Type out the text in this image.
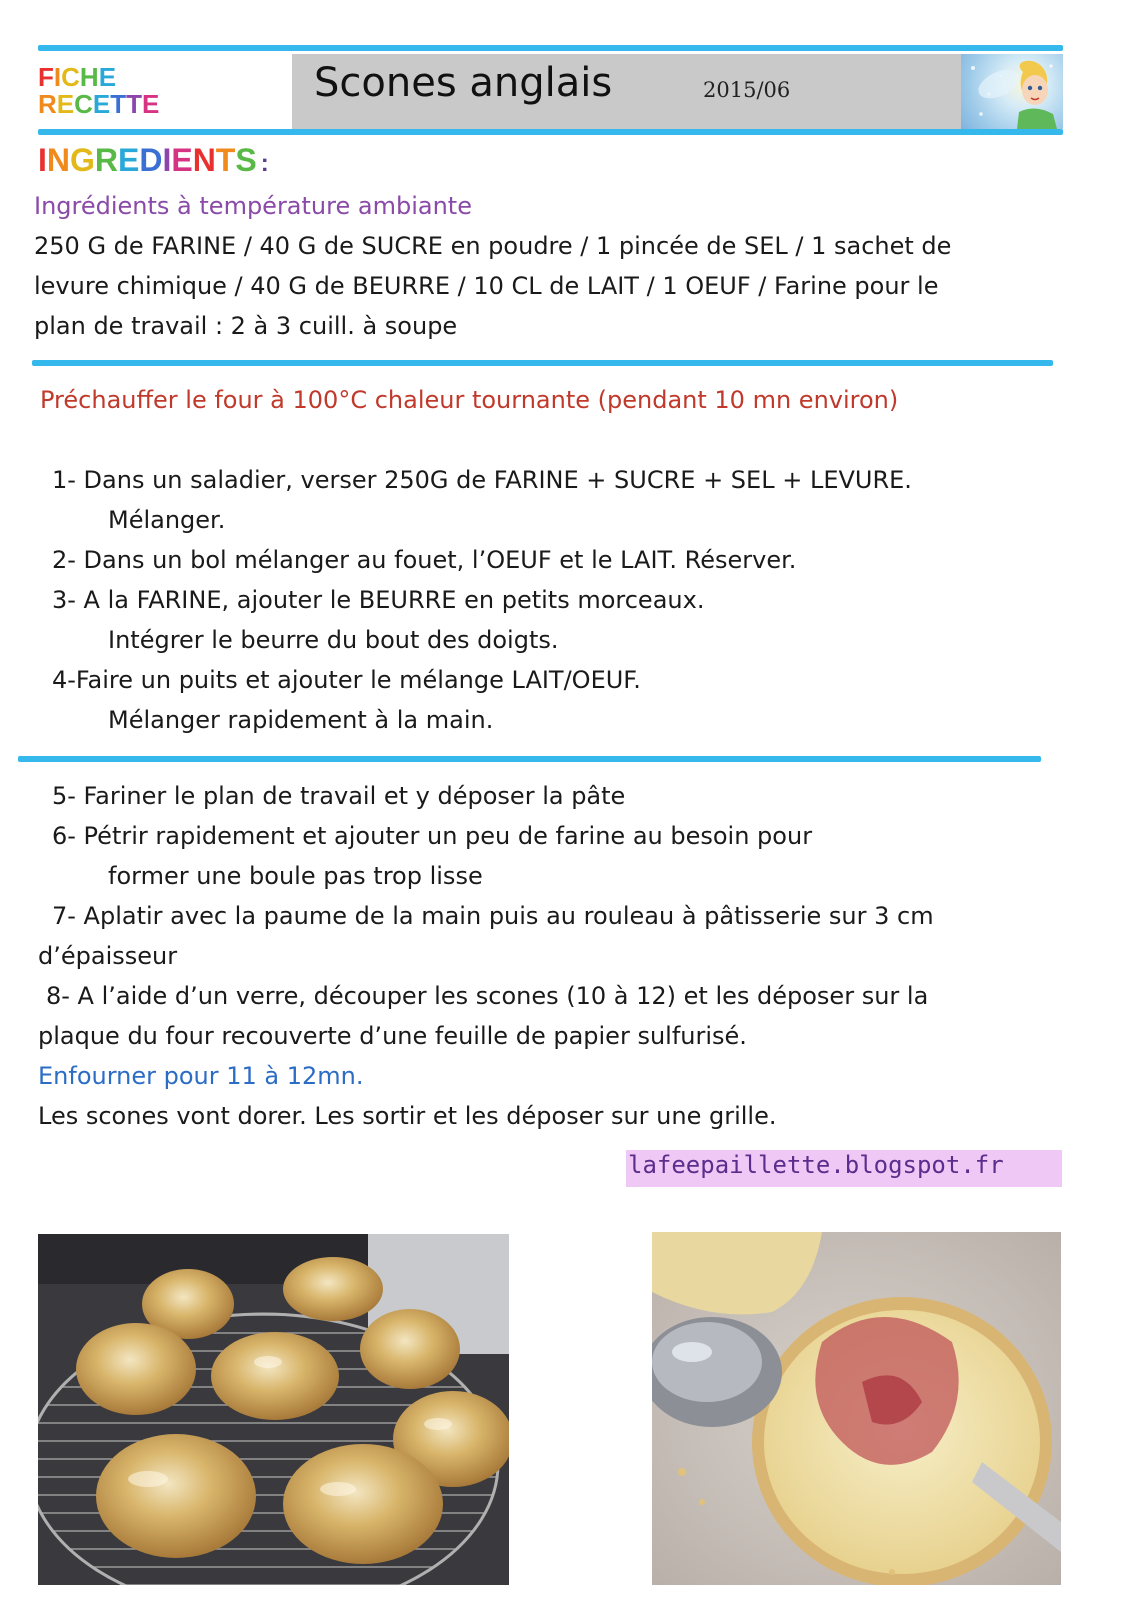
FICHE
RECETTE	Scones anglais	2015/06
INGREDIENTS :
Ingrédients à température ambiante
250 G de FARINE / 40 G de SUCRE en poudre / 1 pincée de SEL / 1 sachet de
levure chimique / 40 G de BEURRE / 10 CL de LAIT / 1 OEUF / Farine pour le
plan de travail : 2 à 3 cuill. à soupe
Préchauffer le four à 100°C chaleur tournante (pendant 10 mn environ)
1- Dans un saladier, verser 250G de FARINE + SUCRE + SEL + LEVURE.
Mélanger.
2- Dans un bol mélanger au fouet, l’OEUF et le LAIT. Réserver.
3- A la FARINE, ajouter le BEURRE en petits morceaux.
Intégrer le beurre du bout des doigts.
4-Faire un puits et ajouter le mélange LAIT/OEUF.
Mélanger rapidement à la main.
5- Fariner le plan de travail et y déposer la pâte
6- Pétrir rapidement et ajouter un peu de farine au besoin pour
former une boule pas trop lisse
7- Aplatir avec la paume de la main puis au rouleau à pâtisserie sur 3 cm
d’épaisseur
8- A l’aide d’un verre, découper les scones (10 à 12) et les déposer sur la
plaque du four recouverte d’une feuille de papier sulfurisé.
Enfourner pour 11 à 12mn.
Les scones vont dorer. Les sortir et les déposer sur une grille.
lafeepaillette.blogspot.fr
